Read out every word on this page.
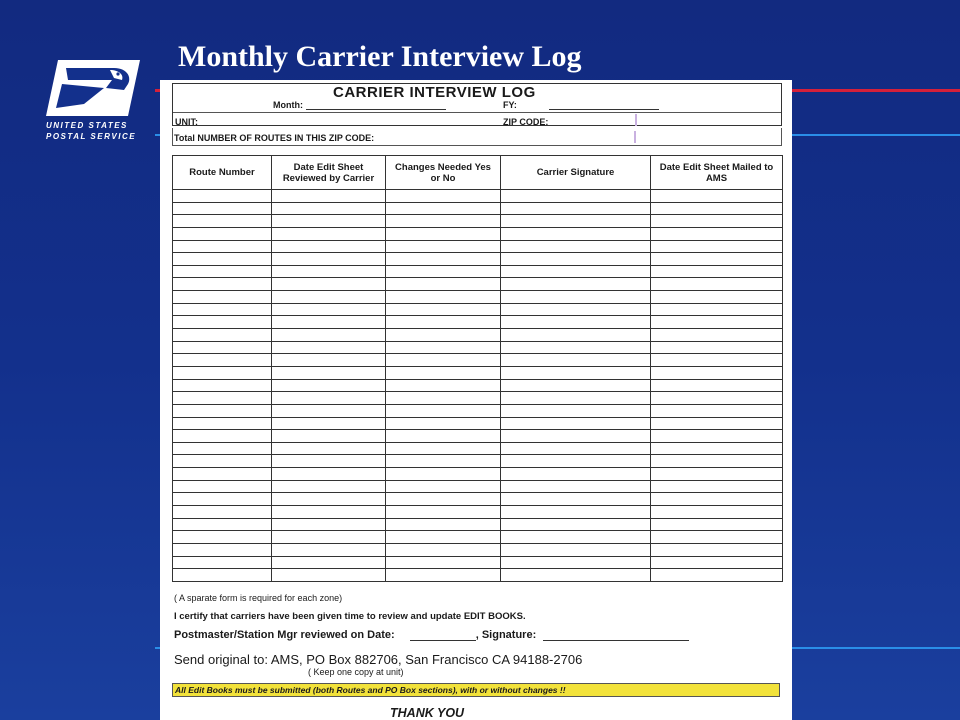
Monthly Carrier Interview Log
UNITED STATES
POSTAL SERVICE
CARRIER INTERVIEW LOG
Month:	FY:
UNIT:	ZIP CODE:
Total NUMBER OF ROUTES IN THIS ZIP CODE:
Route Number	Date Edit Sheet Reviewed by Carrier	Changes Needed Yes or No	Carrier Signature	Date Edit Sheet Mailed to AMS

( A sparate form is required for each zone)
I certify that carriers have been given time to review and update EDIT BOOKS.
Postmaster/Station Mgr reviewed on Date:	, Signature:
Send original to: AMS, PO Box 882706, San Francisco CA 94188-2706
( Keep one copy at unit)
All Edit Books must be submitted (both Routes and PO Box sections), with or without changes !!
THANK YOU
